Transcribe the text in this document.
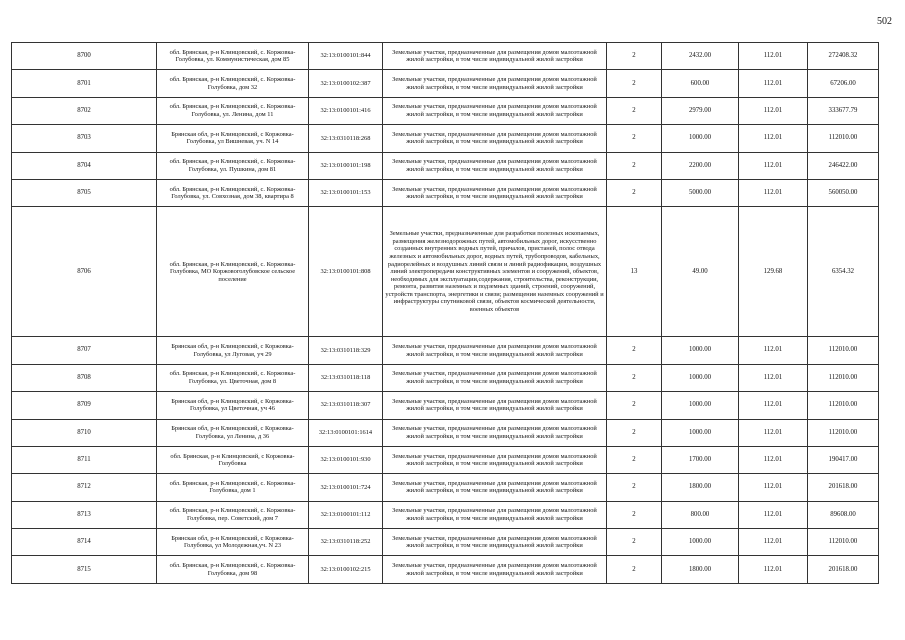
502
8700	обл. Брянская, р-н Клинцовский, с. Коржовка-Голубовка, ул. Коммунистическая, дом 85	32:13:0100101:844	Земельные участки, предназначенные для размещения домов малоэтажной жилой застройки, в том числе индивидуальной жилой застройки	2	2432.00	112.01	272408.32
8701	обл. Брянская, р-н Клинцовский, с. Коржовка-Голубовка, дом 32	32:13:0100102:387	Земельные участки, предназначенные для размещения домов малоэтажной жилой застройки, в том числе индивидуальной жилой застройки	2	600.00	112.01	67206.00
8702	обл. Брянская, р-н Клинцовский, с. Коржовка-Голубовка, ул. Ленина, дом 11	32:13:0100101:416	Земельные участки, предназначенные для размещения домов малоэтажной жилой застройки, в том числе индивидуальной жилой застройки	2	2979.00	112.01	333677.79
8703	Брянская обл, р-н Клинцовский, с Коржовка-Голубовка, ул Вишневая, уч. N 14	32:13:0310118:268	Земельные участки, предназначенные для размещения домов малоэтажной жилой застройки, в том числе индивидуальной жилой застройки	2	1000.00	112.01	112010.00
8704	обл. Брянская, р-н Клинцовский, с. Коржовка-Голубовка, ул. Пушкина, дом 81	32:13:0100101:198	Земельные участки, предназначенные для размещения домов малоэтажной жилой застройки, в том числе индивидуальной жилой застройки	2	2200.00	112.01	246422.00
8705	обл. Брянская, р-н Клинцовский, с. Коржовка-Голубовка, ул. Совхозная, дом 38, квартира 8	32:13:0100101:153	Земельные участки, предназначенные для размещения домов малоэтажной жилой застройки, в том числе индивидуальной жилой застройки	2	5000.00	112.01	560050.00
8706	обл. Брянская, р-н Клинцовский, с. Коржовка-Голубовка, МО Коржовоголубовское сельское поселение	32:13:0100101:808	Земельные участки, предназначенные для разработки полезных ископаемых, размещения железнодорожных путей, автомобильных дорог, искусственно созданных внутренних водных путей, причалов, пристаней, полос отвода железных и автомобильных дорог, водных путей, трубопроводов, кабельных, радиорелейных и воздушных линий связи и линий радиофикации, воздушных линий электропередачи конструктивных элементов и сооружений, объектов, необходимых для эксплуатации,содержания, строительства, реконструкции, ремонта, развития наземных и подземных зданий, строений, сооружений, устройств транспорта, энергетики и связи; размещения наземных сооружений и инфраструктуры спутниковой связи, объектов космической деятельности, военных объектов	13	49.00	129.68	6354.32
8707	Брянская обл, р-н Клинцовский, с Коржовка-Голубовка, ул Луговая, уч 29	32:13:0310118:329	Земельные участки, предназначенные для размещения домов малоэтажной жилой застройки, в том числе индивидуальной жилой застройки	2	1000.00	112.01	112010.00
8708	обл. Брянская, р-н Клинцовский, с. Коржовка-Голубовка, ул. Цветочная, дом 8	32:13:0310118:118	Земельные участки, предназначенные для размещения домов малоэтажной жилой застройки, в том числе индивидуальной жилой застройки	2	1000.00	112.01	112010.00
8709	Брянская обл, р-н Клинцовский, с Коржовка-Голубовка, ул Цветочная, уч 46	32:13:0310118:307	Земельные участки, предназначенные для размещения домов малоэтажной жилой застройки, в том числе индивидуальной жилой застройки	2	1000.00	112.01	112010.00
8710	Брянская обл, р-н Клинцовский, с Коржовка-Голубовка, ул Ленина, д 36	32:13:0100101:1614	Земельные участки, предназначенные для размещения домов малоэтажной жилой застройки, в том числе индивидуальной жилой застройки	2	1000.00	112.01	112010.00
8711	обл. Брянская, р-н Клинцовский, с Коржовка-Голубовка	32:13:0100101:930	Земельные участки, предназначенные для размещения домов малоэтажной жилой застройки, в том числе индивидуальной жилой застройки	2	1700.00	112.01	190417.00
8712	обл. Брянская, р-н Клинцовский, с. Коржовка-Голубовка, дом 1	32:13:0100101:724	Земельные участки, предназначенные для размещения домов малоэтажной жилой застройки, в том числе индивидуальной жилой застройки	2	1800.00	112.01	201618.00
8713	обл. Брянская, р-н Клинцовский, с. Коржовка-Голубовка, пер. Советский, дом 7	32:13:0100101:112	Земельные участки, предназначенные для размещения домов малоэтажной жилой застройки, в том числе индивидуальной жилой застройки	2	800.00	112.01	89608.00
8714	Брянская обл, р-н Клинцовский, с Коржовка-Голубовка, ул Молодежная,уч. N 23	32:13:0310118:252	Земельные участки, предназначенные для размещения домов малоэтажной жилой застройки, в том числе индивидуальной жилой застройки	2	1000.00	112.01	112010.00
8715	обл. Брянская, р-н Клинцовский, с. Коржовка-Голубовка, дом 98	32:13:0100102:215	Земельные участки, предназначенные для размещения домов малоэтажной жилой застройки, в том числе индивидуальной жилой застройки	2	1800.00	112.01	201618.00
